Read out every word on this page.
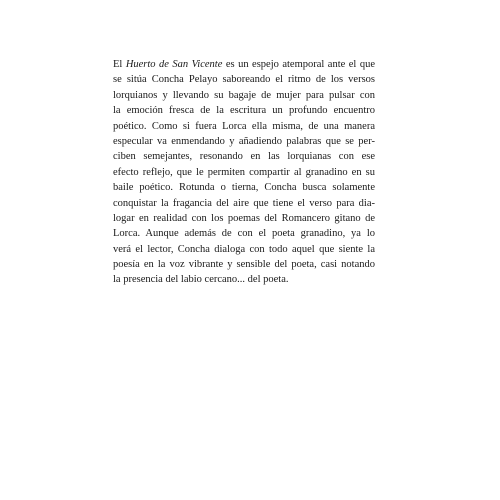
El Huerto de San Vicente es un espejo atemporal ante el que
se sitúa Concha Pelayo saboreando el ritmo de los versos
lorquianos y llevando su bagaje de mujer para pulsar con
la emoción fresca de la escritura un profundo encuentro
poético. Como si fuera Lorca ella misma, de una manera
especular va enmendando y añadiendo palabras que se per-
ciben semejantes, resonando en las lorquianas con ese
efecto reflejo, que le permiten compartir al granadino en su
baile poético. Rotunda o tierna, Concha busca solamente
conquistar la fragancia del aire que tiene el verso para dia-
logar en realidad con los poemas del Romancero gitano de
Lorca. Aunque además de con el poeta granadino, ya lo
verá el lector, Concha dialoga con todo aquel que siente la
poesía en la voz vibrante y sensible del poeta, casi notando
la presencia del labio cercano... del poeta.
